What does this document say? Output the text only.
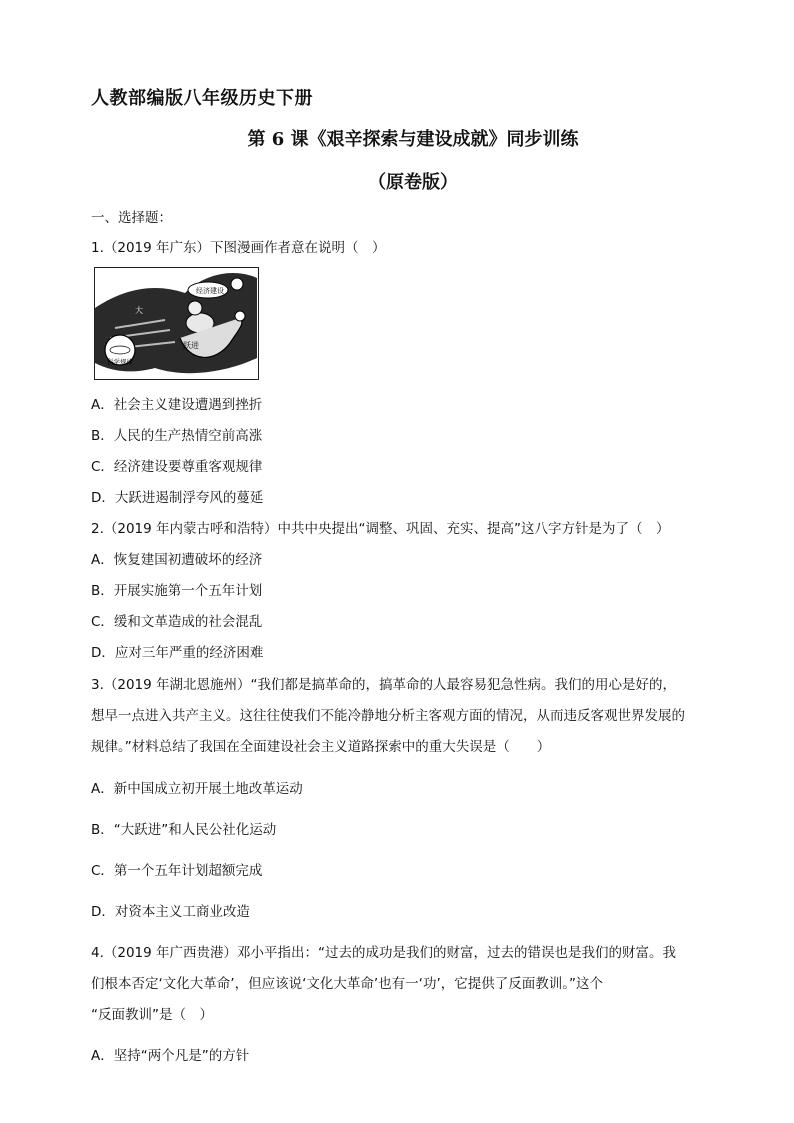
人教部编版八年级历史下册
第 6 课《艰辛探索与建设成就》同步训练
（原卷版）
一、选择题：
1.（2019 年广东）下图漫画作者意在说明（　）
经济建设
跃进
大
科学规律
A．社会主义建设遭遇到挫折
B．人民的生产热情空前高涨
C．经济建设要尊重客观规律
D．大跃进遏制浮夸风的蔓延
2.（2019 年内蒙古呼和浩特）中共中央提出“调整、巩固、充实、提高”这八字方针是为了（　）
A．恢复建国初遭破坏的经济
B．开展实施第一个五年计划
C．缓和文革造成的社会混乱
D．应对三年严重的经济困难
3.（2019 年湖北恩施州）“我们都是搞革命的，搞革命的人最容易犯急性病。我们的用心是好的，
想早一点进入共产主义。这往往使我们不能冷静地分析主客观方面的情况，从而违反客观世界发展的
规律。”材料总结了我国在全面建设社会主义道路探索中的重大失误是（　　）
A．新中国成立初开展土地改革运动
B．“大跃进”和人民公社化运动
C．第一个五年计划超额完成
D．对资本主义工商业改造
4.（2019 年广西贵港）邓小平指出：“过去的成功是我们的财富，过去的错误也是我们的财富。我
们根本否定‘文化大革命’，但应该说‘文化大革命’也有一‘功’，它提供了反面教训。”这个
“反面教训”是（　）
A．坚持“两个凡是”的方针
